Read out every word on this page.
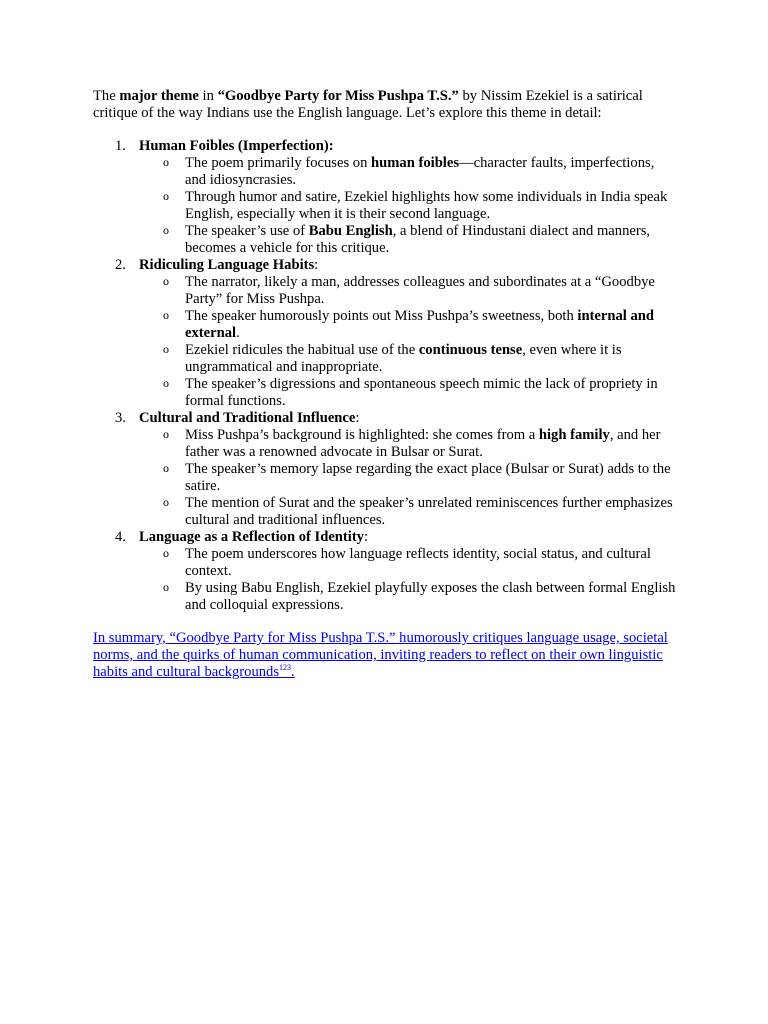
The major theme in “Goodbye Party for Miss Pushpa T.S.” by Nissim Ezekiel is a satirical critique of the way Indians use the English language. Let’s explore this theme in detail:

1. Human Foibles (Imperfection):
o The poem primarily focuses on human foibles—character faults, imperfections, and idiosyncrasies.
o Through humor and satire, Ezekiel highlights how some individuals in India speak English, especially when it is their second language.
o The speaker’s use of Babu English, a blend of Hindustani dialect and manners, becomes a vehicle for this critique.
2. Ridiculing Language Habits:
o The narrator, likely a man, addresses colleagues and subordinates at a “Goodbye Party” for Miss Pushpa.
o The speaker humorously points out Miss Pushpa’s sweetness, both internal and external.
o Ezekiel ridicules the habitual use of the continuous tense, even where it is ungrammatical and inappropriate.
o The speaker’s digressions and spontaneous speech mimic the lack of propriety in formal functions.
3. Cultural and Traditional Influence:
o Miss Pushpa’s background is highlighted: she comes from a high family, and her father was a renowned advocate in Bulsar or Surat.
o The speaker’s memory lapse regarding the exact place (Bulsar or Surat) adds to the satire.
o The mention of Surat and the speaker’s unrelated reminiscences further emphasizes cultural and traditional influences.
4. Language as a Reflection of Identity:
o The poem underscores how language reflects identity, social status, and cultural context.
o By using Babu English, Ezekiel playfully exposes the clash between formal English and colloquial expressions.

In summary, “Goodbye Party for Miss Pushpa T.S.” humorously critiques language usage, societal norms, and the quirks of human communication, inviting readers to reflect on their own linguistic habits and cultural backgrounds$^{123}$.
